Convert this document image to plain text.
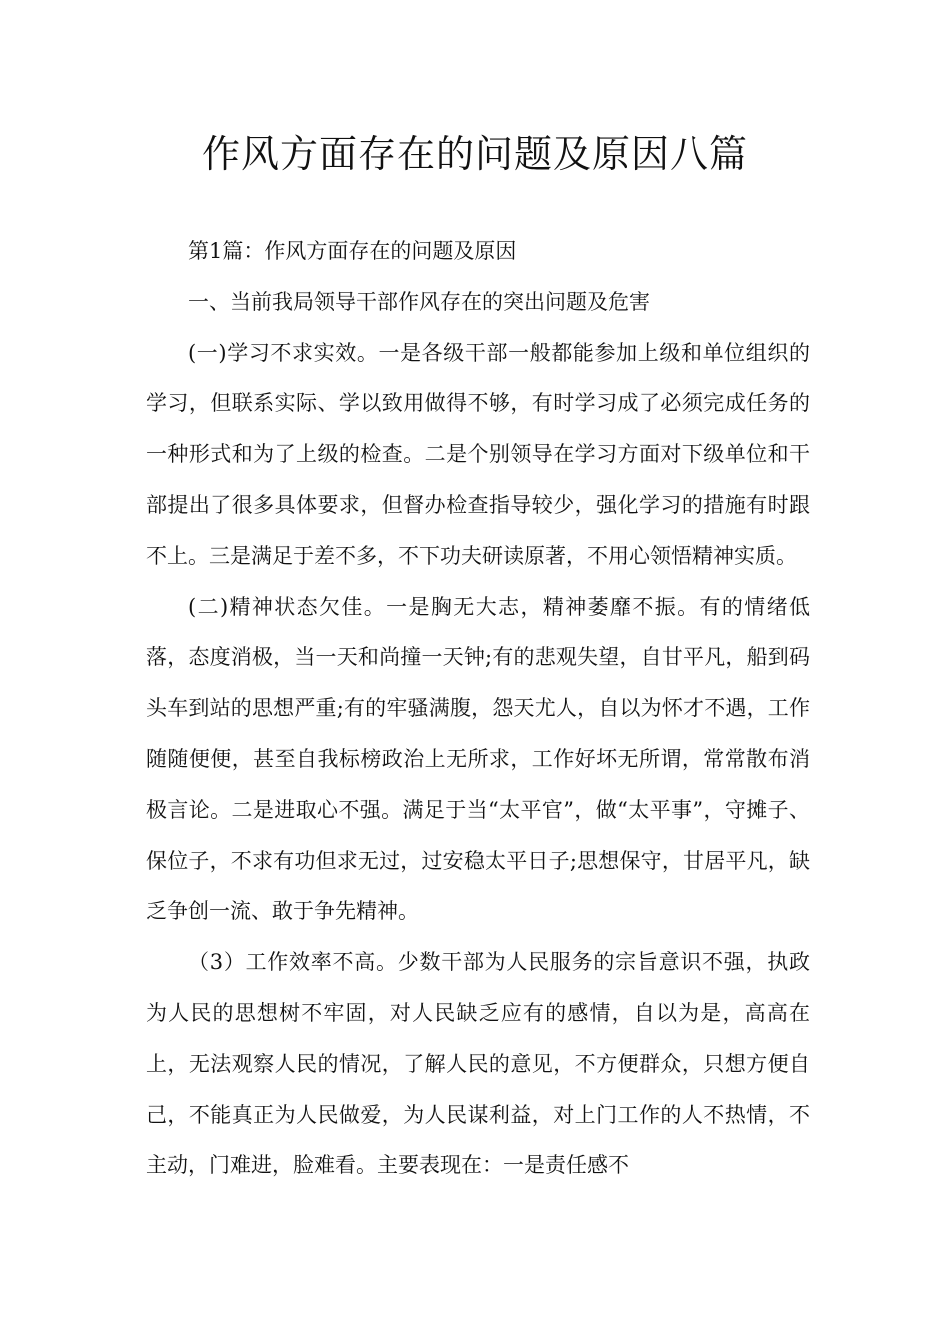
作风方面存在的问题及原因八篇

第1篇：作风方面存在的问题及原因

一、当前我局领导干部作风存在的突出问题及危害

(一)学习不求实效。一是各级干部一般都能参加上级和单位组织的学习，但联系实际、学以致用做得不够，有时学习成了必须完成任务的一种形式和为了上级的检查。二是个别领导在学习方面对下级单位和干部提出了很多具体要求，但督办检查指导较少，强化学习的措施有时跟不上。三是满足于差不多，不下功夫研读原著，不用心领悟精神实质。

(二)精神状态欠佳。一是胸无大志，精神萎靡不振。有的情绪低落，态度消极，当一天和尚撞一天钟;有的悲观失望，自甘平凡，船到码头车到站的思想严重;有的牢骚满腹，怨天尤人，自以为怀才不遇，工作随随便便，甚至自我标榜政治上无所求，工作好坏无所谓，常常散布消极言论。二是进取心不强。满足于当“太平官”，做“太平事”，守摊子、保位子，不求有功但求无过，过安稳太平日子;思想保守，甘居平凡，缺乏争创一流、敢于争先精神。

（3）工作效率不高。少数干部为人民服务的宗旨意识不强，执政为人民的思想树不牢固，对人民缺乏应有的感情，自以为是，高高在上，无法观察人民的情况，了解人民的意见，不方便群众，只想方便自己，不能真正为人民做爱，为人民谋利益，对上门工作的人不热情，不主动，门难进，脸难看。主要表现在：一是责任感不
